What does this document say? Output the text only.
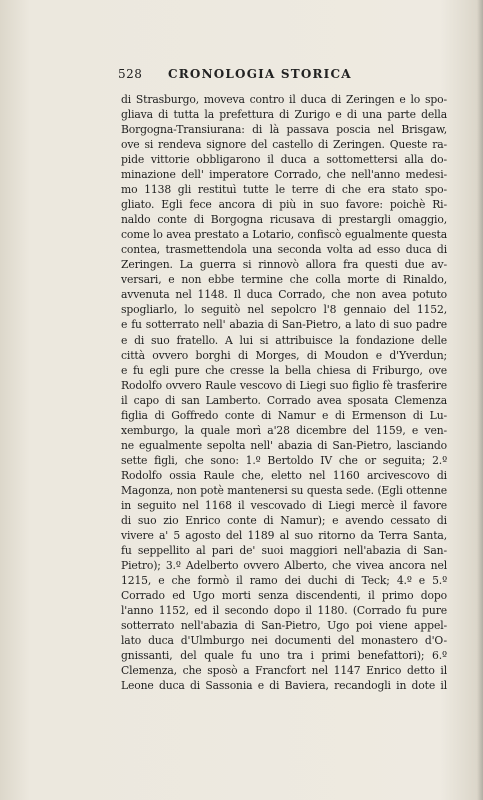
528 CRONOLOGIA STORICA
di Strasburgo, moveva contro il duca di Zeringen e lo spo-
gliava di tutta la prefettura di Zurigo e di una parte della
Borgogna-Transiurana: di là passava poscia nel Brisgaw,
ove si rendeva signore del castello di Zeringen. Queste ra-
pide vittorie obbligarono il duca a sottomettersi alla do-
minazione dell' imperatore Corrado, che nell'anno medesi-
mo 1138 gli restituì tutte le terre di che era stato spo-
gliato. Egli fece ancora di più in suo favore: poichè Ri-
naldo conte di Borgogna ricusava di prestargli omaggio,
come lo avea prestato a Lotario, confiscò egualmente questa
contea, trasmettendola una seconda volta ad esso duca di
Zeringen. La guerra si rinnovò allora fra questi due av-
versari, e non ebbe termine che colla morte di Rinaldo,
avvenuta nel 1148. Il duca Corrado, che non avea potuto
spogliarlo, lo seguitò nel sepolcro l'8 gennaio del 1152,
e fu sotterrato nell' abazia di San-Pietro, a lato di suo padre
e di suo fratello. A lui si attribuisce la fondazione delle
città ovvero borghi di Morges, di Moudon e d'Yverdun;
e fu egli pure che cresse la bella chiesa di Friburgo, ove
Rodolfo ovvero Raule vescovo di Liegi suo figlio fè trasferire
il capo di san Lamberto. Corrado avea sposata Clemenza
figlia di Goffredo conte di Namur e di Ermenson di Lu-
xemburgo, la quale morì a'28 dicembre del 1159, e ven-
ne egualmente sepolta nell' abazia di San-Pietro, lasciando
sette figli, che sono: 1.º Bertoldo IV che or seguita; 2.º
Rodolfo ossia Raule che, eletto nel 1160 arcivescovo di
Magonza, non potè mantenersi su questa sede. (Egli ottenne
in seguito nel 1168 il vescovado di Liegi mercè il favore
di suo zio Enrico conte di Namur); e avendo cessato di
vivere a' 5 agosto del 1189 al suo ritorno da Terra Santa,
fu seppellito al pari de' suoi maggiori nell'abazia di San-
Pietro); 3.º Adelberto ovvero Alberto, che vivea ancora nel
1215, e che formò il ramo dei duchi di Teck; 4.º e 5.º
Corrado ed Ugo morti senza discendenti, il primo dopo
l'anno 1152, ed il secondo dopo il 1180. (Corrado fu pure
sotterrato nell'abazia di San-Pietro, Ugo poi viene appel-
lato duca d'Ulmburgo nei documenti del monastero d'O-
gnissanti, del quale fu uno tra i primi benefattori); 6.º
Clemenza, che sposò a Francfort nel 1147 Enrico detto il
Leone duca di Sassonia e di Baviera, recandogli in dote il
